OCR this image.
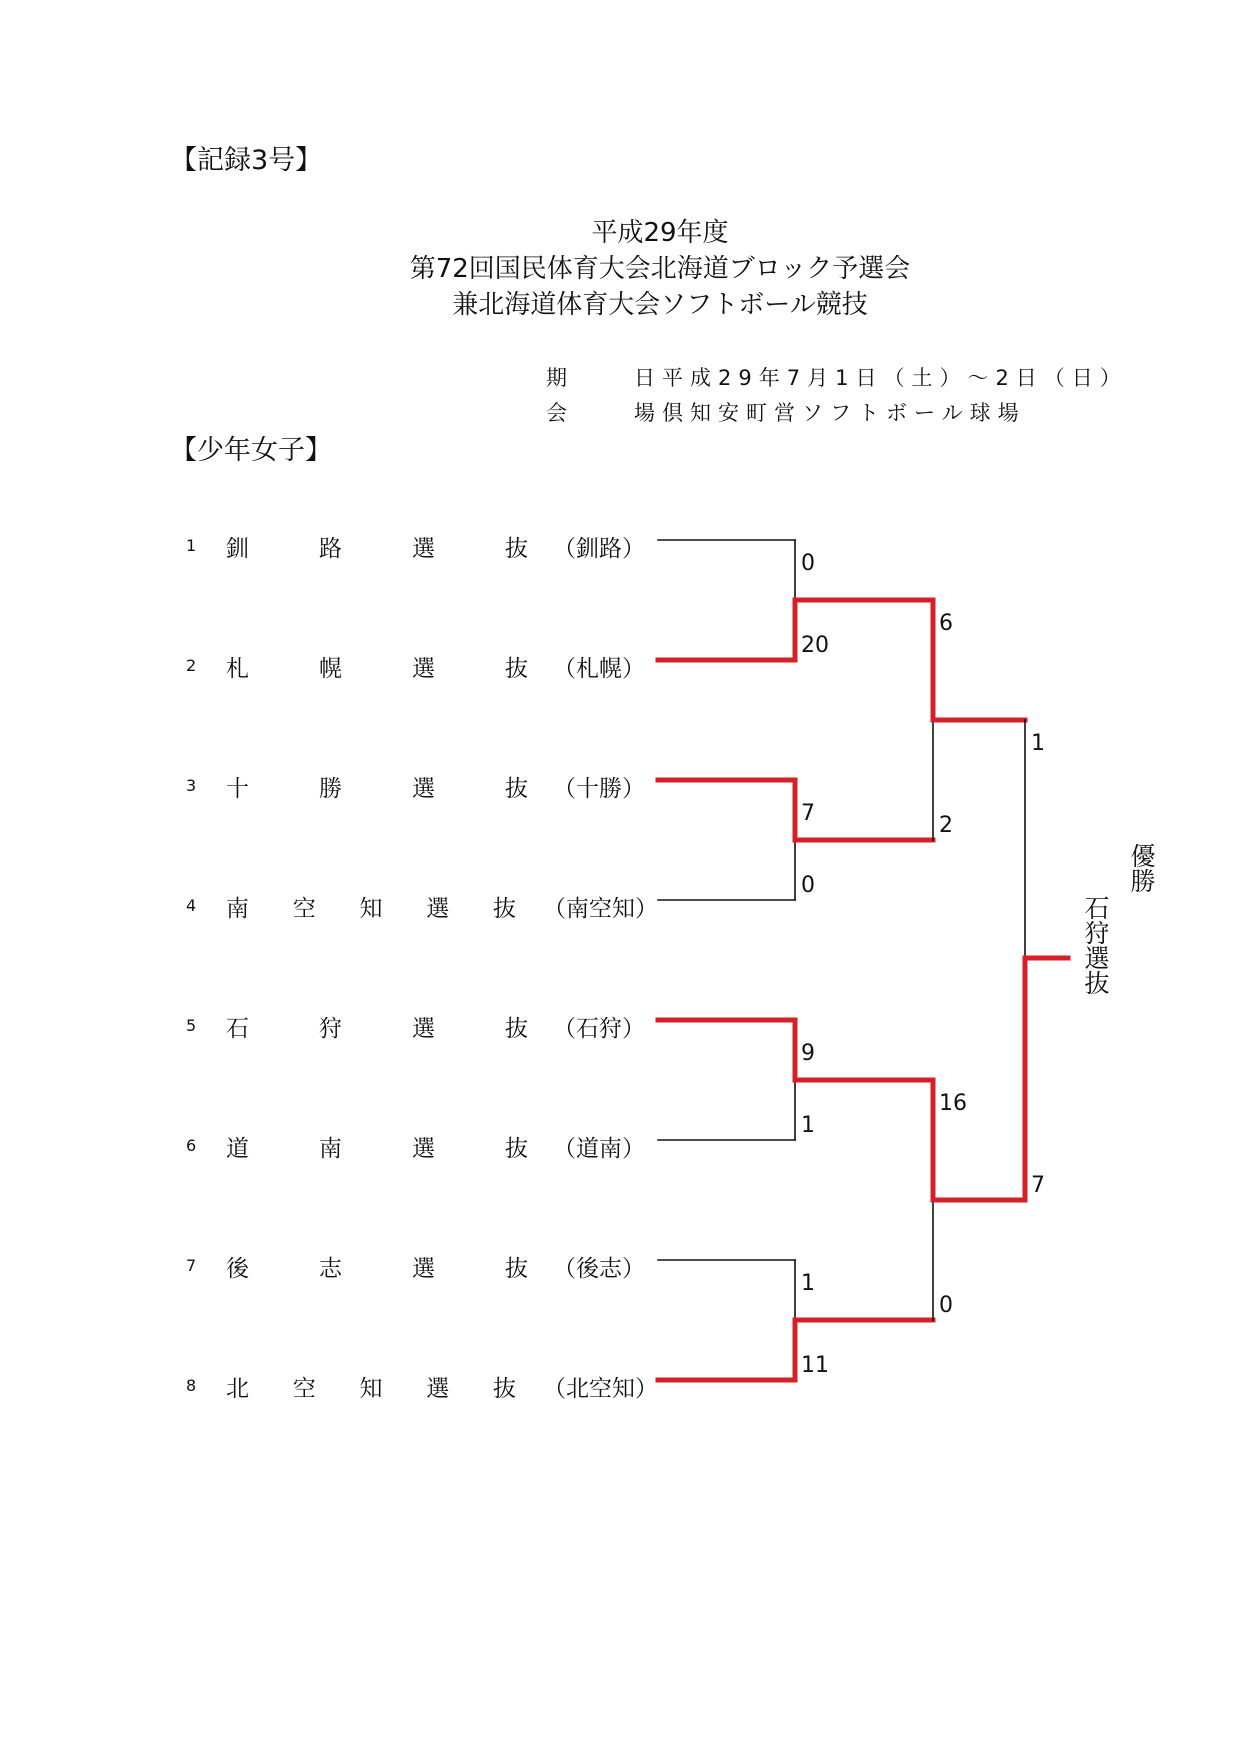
【記録3号】
平成29年度
第72回国民体育大会北海道ブロック予選会
兼北海道体育大会ソフトボール競技
期	日平成29年7月1日（土）～2日（日）
会	場倶知安町営ソフトボール球場
【少年女子】
1 釧	路	選	抜 （釧路）
2 札	幌	選	抜 （札幌）
3 十	勝	選	抜 （十勝）
4 南 空 知 選 抜 （南空知）
5 石	狩	選	抜 （石狩）
6 道	南	選	抜 （道南）
7 後	志	選	抜 （後志）
8 北 空 知 選 抜 （北空知）
0
20
7
0
9
1
1
11
6
2
16
0
1
7
優勝
石狩選抜
